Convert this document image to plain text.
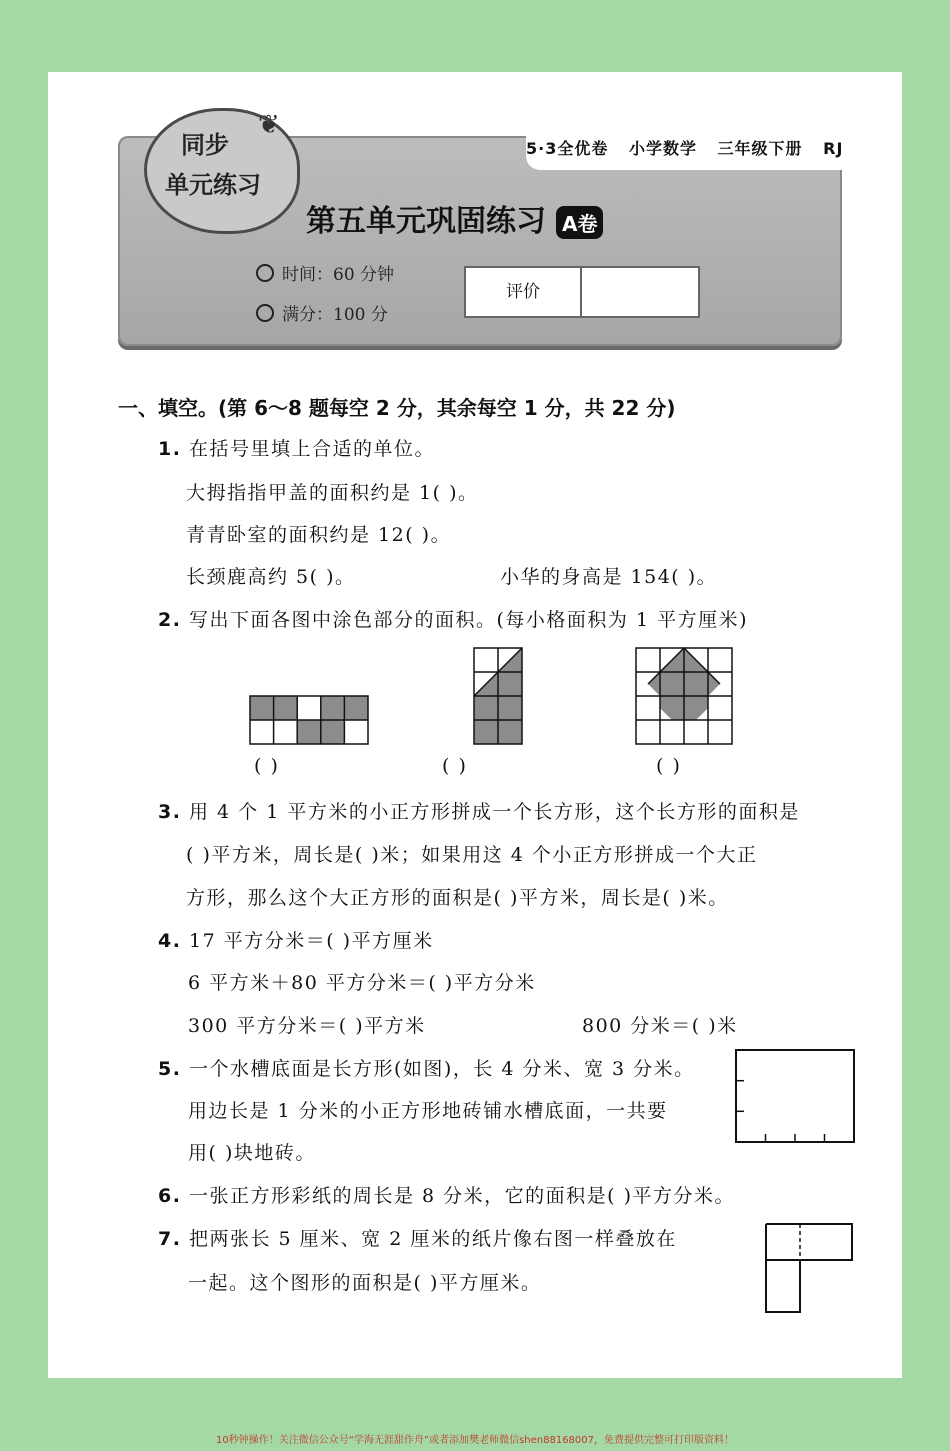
同步
单元练习
❦
5·3全优卷 小学数学 三年级下册 RJ
第五单元巩固练习 A卷
时间：60 分钟
满分：100 分
评价
一、填空。(第 6～8 题每空 2 分，其余每空 1 分，共 22 分)
1. 在括号里填上合适的单位。
大拇指指甲盖的面积约是 1( )。
青青卧室的面积约是 12( )。
长颈鹿高约 5( )。	小华的身高是 154( )。
2. 写出下面各图中涂色部分的面积。(每小格面积为 1 平方厘米)
( )	( )	( )
3. 用 4 个 1 平方米的小正方形拼成一个长方形，这个长方形的面积是
( )平方米，周长是( )米；如果用这 4 个小正方形拼成一个大正
方形，那么这个大正方形的面积是( )平方米，周长是( )米。
4. 17 平方分米＝( )平方厘米
6 平方米＋80 平方分米＝( )平方分米
300 平方分米＝( )平方米	800 分米＝( )米
5. 一个水槽底面是长方形(如图)，长 4 分米、宽 3 分米。
用边长是 1 分米的小正方形地砖铺水槽底面，一共要
用( )块地砖。
6. 一张正方形彩纸的周长是 8 分米，它的面积是( )平方分米。
7. 把两张长 5 厘米、宽 2 厘米的纸片像右图一样叠放在
一起。这个图形的面积是( )平方厘米。
10秒钟操作！关注微信公众号“学海无涯甜作舟”或者添加樊老师微信shen88168007，免费提供完整可打印版资料！
